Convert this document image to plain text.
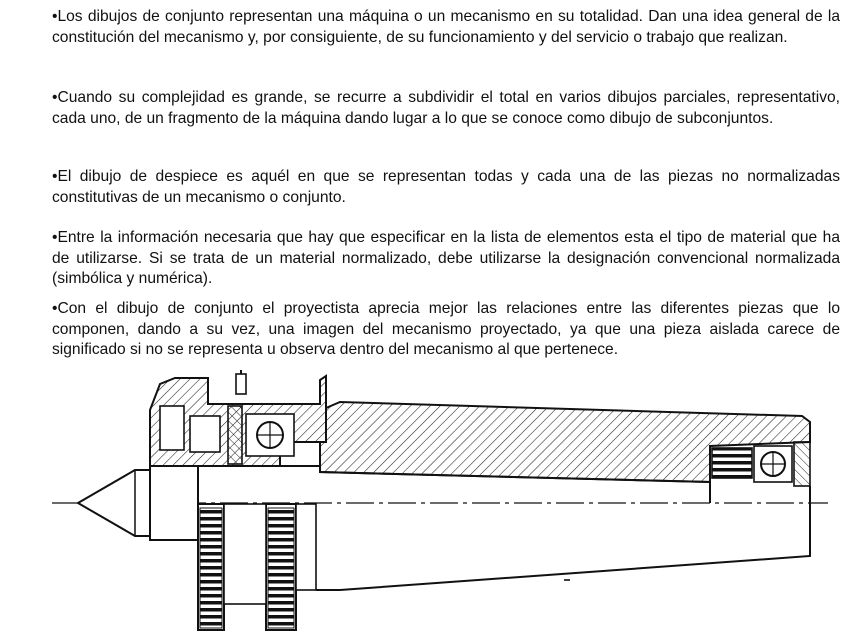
•Los dibujos de conjunto representan una máquina o un mecanismo en su totalidad. Dan una idea general de la constitución del mecanismo y, por consiguiente, de su funcionamiento y del servicio o trabajo que realizan.

•Cuando su complejidad es grande, se recurre a subdividir el total en varios dibujos parciales, representativo, cada uno, de un fragmento de la máquina dando lugar a lo que se conoce como dibujo de subconjuntos.

•El dibujo de despiece es aquél en que se representan todas y cada una de las piezas no normalizadas constitutivas de un mecanismo o conjunto.

•Entre la información necesaria que hay que especificar en la lista de elementos esta el tipo de material que ha de utilizarse. Si se trata de un material normalizado, debe utilizarse la designación convencional normalizada (simbólica y numérica).

•Con el dibujo de conjunto el proyectista aprecia mejor las relaciones entre las diferentes piezas que lo componen, dando a su vez, una imagen del mecanismo proyectado, ya que una pieza aislada carece de significado si no se representa u observa dentro del mecanismo al que pertenece.
